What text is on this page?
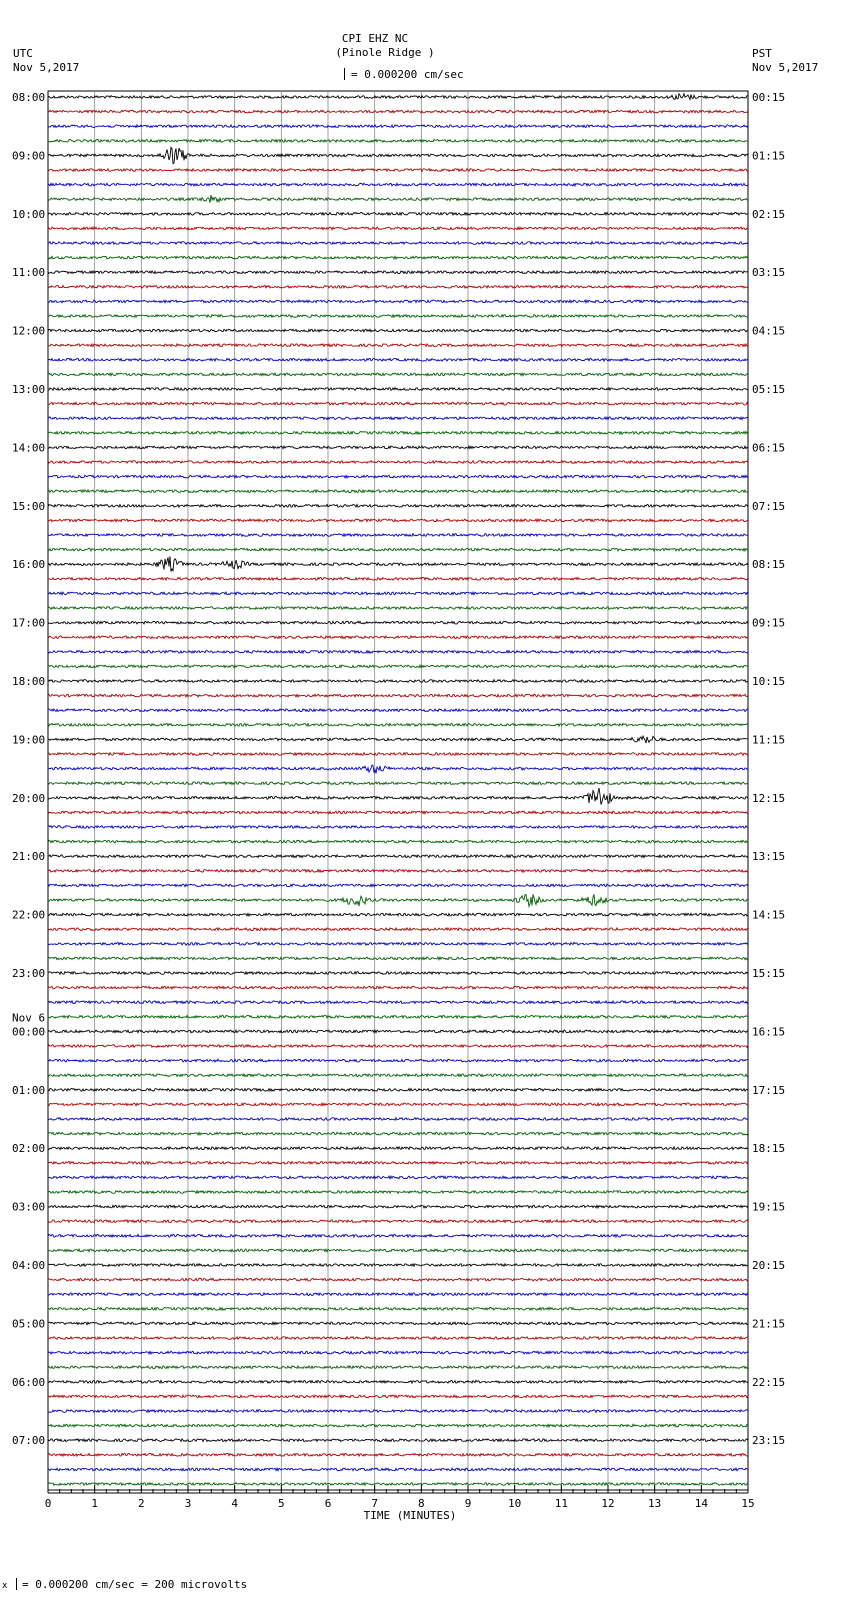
CPI EHZ NC
(Pinole Ridge )
UTC
Nov 5,2017
PST
Nov 5,2017
= 0.000200 cm/sec
08:00
09:00
10:00
11:00
12:00
13:00
14:00
15:00
16:00
17:00
18:00
19:00
20:00
21:00
22:00
23:00
00:00
01:00
02:00
03:00
04:00
05:00
06:00
07:00
Nov 6
00:15
01:15
02:15
03:15
04:15
05:15
06:15
07:15
08:15
09:15
10:15
11:15
12:15
13:15
14:15
15:15
16:15
17:15
18:15
19:15
20:15
21:15
22:15
23:15
0	1	2	3	4	5	6	7	8	9	10	11	12	13	14	15
TIME (MINUTES)
x = 0.000200 cm/sec = 200 microvolts
